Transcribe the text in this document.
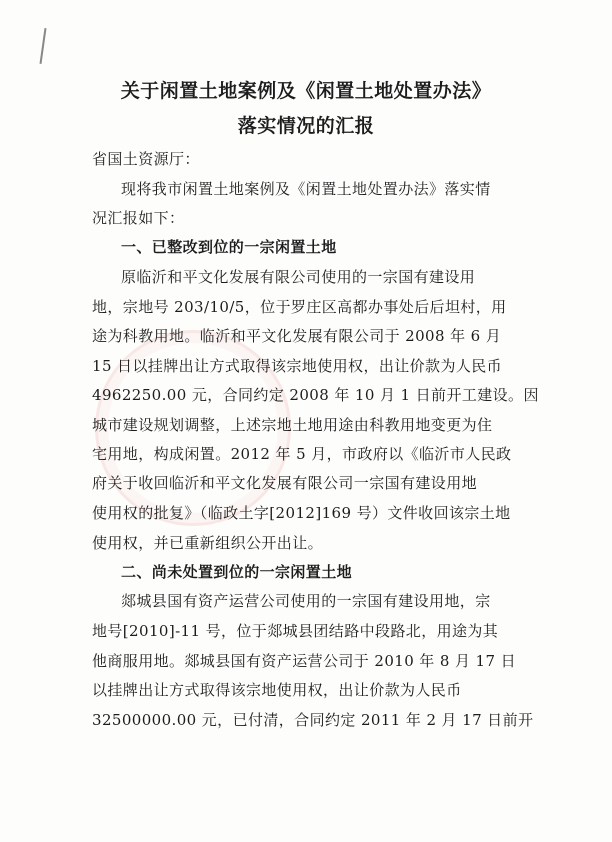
关于闲置土地案例及《闲置土地处置办法》
落实情况的汇报
省国土资源厅：
现将我市闲置土地案例及《闲置土地处置办法》落实情
况汇报如下：
一、已整改到位的一宗闲置土地
原临沂和平文化发展有限公司使用的一宗国有建设用
地，宗地号 203/10/5，位于罗庄区高都办事处后后坦村，用
途为科教用地。临沂和平文化发展有限公司于 2008 年 6 月
15 日以挂牌出让方式取得该宗地使用权，出让价款为人民币
4962250.00 元，合同约定 2008 年 10 月 1 日前开工建设。因
城市建设规划调整，上述宗地土地用途由科教用地变更为住
宅用地，构成闲置。2012 年 5 月，市政府以《临沂市人民政
府关于收回临沂和平文化发展有限公司一宗国有建设用地
使用权的批复》（临政土字[2012]169 号）文件收回该宗土地
使用权，并已重新组织公开出让。
二、尚未处置到位的一宗闲置土地
郯城县国有资产运营公司使用的一宗国有建设用地，宗
地号[2010]-11 号，位于郯城县团结路中段路北，用途为其
他商服用地。郯城县国有资产运营公司于 2010 年 8 月 17 日
以挂牌出让方式取得该宗地使用权，出让价款为人民币
32500000.00 元，已付清，合同约定 2011 年 2 月 17 日前开
